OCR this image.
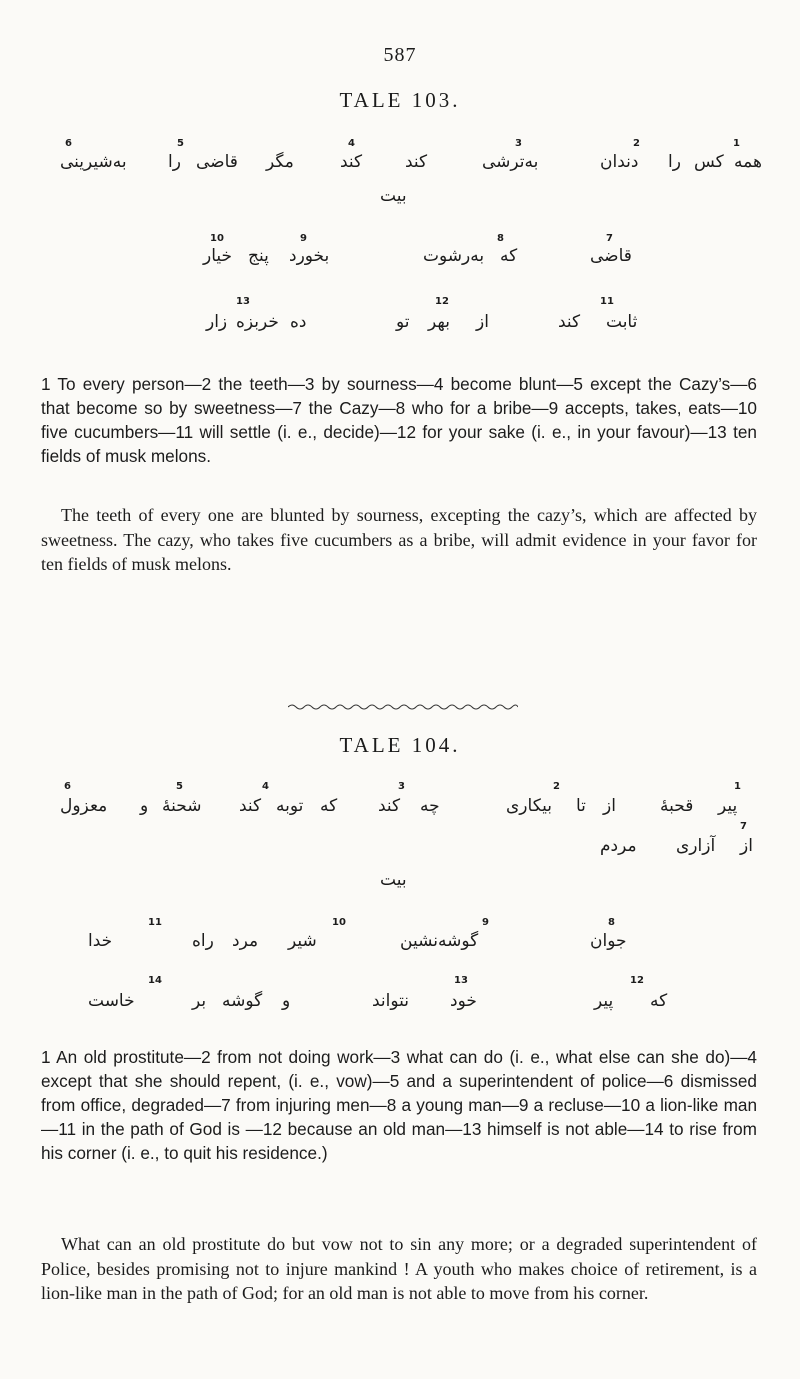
587
TALE 103.
6	5	4	3	2	1
به‌شیرینی را قاضی مگر	کند	کند	به‌ترشی	دندان را کس همه
بیت
10	9	8	7
خیار پنج بخورد	به‌رشوت که	قاضی
13	12	11
زار خربزه ده	تو بهر از	کند ثابت

1 To every person—2 the teeth—3 by sourness—4 become blunt—5 except the Cazy’s—6 that become so by sweetness—7 the Cazy—8 who for a bribe—9 accepts, takes, eats—10 five cucumbers—11 will settle (i. e., decide)—12 for your sake (i. e., in your favour)—13 ten fields of musk melons.

The teeth of every one are blunted by sourness, excepting the cazy’s, which are affected by sweetness. The cazy, who takes five cucumbers as a bribe, will admit evidence in your favor for ten fields of musk melons.

TALE 104.
6	5	4	3	2	1
معزول و شحنهٔ کند توبه که کند چه	بیکاری تا از	قحبهٔ پیر
7
مردم آزاری از
بیت
11	10	9	8
خدا	راه مرد شیر	گوشه‌نشین	جوان
14	13	12
خاست	بر گوشه و	نتواند خود	پیر که

1 An old prostitute—2 from not doing work—3 what can do (i. e., what else can she do)—4 except that she should repent, (i. e., vow)—5 and a superintendent of police—6 dismissed from office, degraded—7 from injuring men—8 a young man—9 a recluse—10 a lion-like man—11 in the path of God is —12 because an old man—13 himself is not able—14 to rise from his corner (i. e., to quit his residence.)

What can an old prostitute do but vow not to sin any more; or a degraded superintendent of Police, besides promising not to injure mankind ! A youth who makes choice of retirement, is a lion-like man in the path of God; for an old man is not able to move from his corner.
